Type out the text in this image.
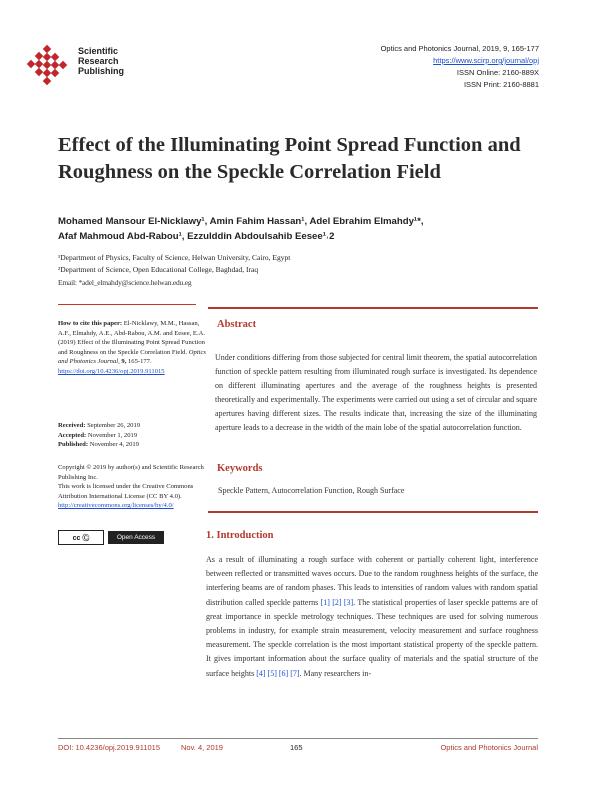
Scientific
Research
Publishing
Optics and Photonics Journal, 2019, 9, 165-177
https://www.scirp.org/journal/opj
ISSN Online: 2160-889X
ISSN Print: 2160-8881
Effect of the Illuminating Point Spread Function and Roughness on the Speckle Correlation Field
Mohamed Mansour El-Nicklawy¹, Amin Fahim Hassan¹, Adel Ebrahim Elmahdy¹*,
Afaf Mahmoud Abd-Rabou¹, Ezzulddin Abdoulsahib Eesee¹˒2
¹Department of Physics, Faculty of Science, Helwan University, Cairo, Egypt
²Department of Science, Open Educational College, Baghdad, Iraq
Email: *adel_elmahdy@science.helwan.edu.eg
How to cite this paper: El-Nicklawy, M.M., Hassan, A.F., Elmahdy, A.E., Abd-Rabou, A.M. and Eesee, E.A. (2019) Effect of the Illuminating Point Spread Function and Roughness on the Speckle Correlation Field. Optics and Photonics Journal, 9, 165-177.
https://doi.org/10.4236/opj.2019.911015
Received: September 26, 2019
Accepted: November 1, 2019
Published: November 4, 2019
Copyright © 2019 by author(s) and Scientific Research Publishing Inc.
This work is licensed under the Creative Commons Attribution International License (CC BY 4.0).
http://creativecommons.org/licenses/by/4.0/
cc Ⓒ	Open Access
Abstract
Under conditions differing from those subjected for central limit theorem, the spatial autocorrelation function of speckle pattern resulting from illuminated rough surface is investigated. Its dependence on different illuminating apertures and the average of the roughness heights is presented theoretically and experimentally. The experiments were carried out using a set of circular and square apertures having different sizes. The results indicate that, increasing the size of the illuminating aperture leads to a decrease in the width of the main lobe of the spatial autocorrelation function.
Keywords
Speckle Pattern, Autocorrelation Function, Rough Surface
1. Introduction
As a result of illuminating a rough surface with coherent or partially coherent light, interference between reflected or transmitted waves occurs. Due to the random roughness heights of the surface, the interfering beams are of random phases. This leads to intensities of random values with random spatial distribution called speckle patterns [1] [2] [3]. The statistical properties of laser speckle patterns are of great importance in speckle metrology techniques. These techniques are used for solving numerous problems in industry, for example strain measurement, velocity measurement and surface roughness measurement. The speckle correlation is the most important statistical property of the speckle pattern. It gives important information about the surface quality of materials and the spatial structure of the surface heights [4] [5] [6] [7]. Many researchers in-
DOI: 10.4236/opj.2019.911015	Nov. 4, 2019	165	Optics and Photonics Journal
